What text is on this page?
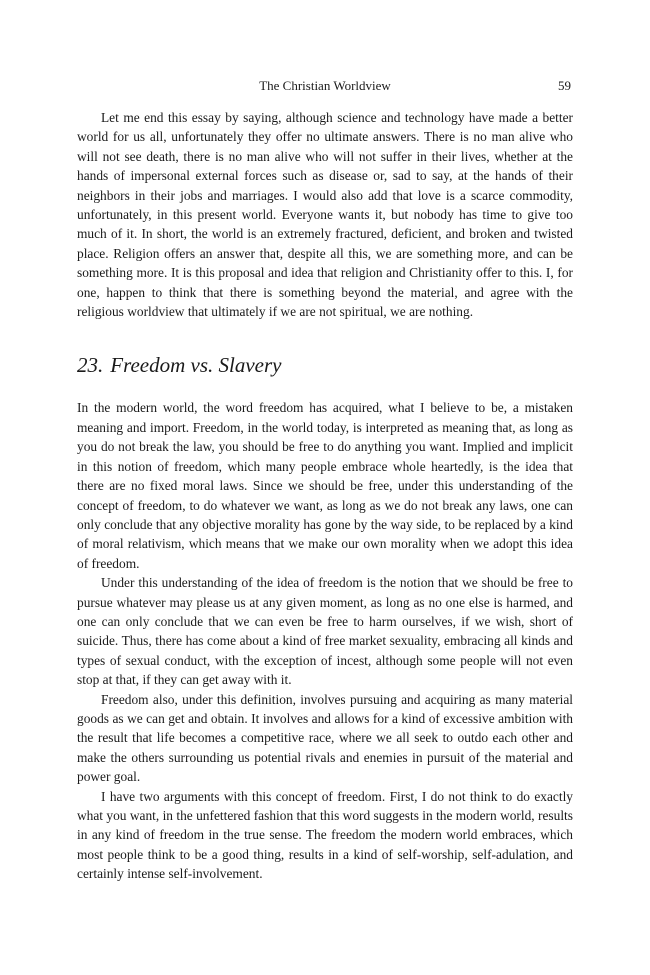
The Christian Worldview	59

Let me end this essay by saying, although science and technology have made a better world for us all, unfortunately they offer no ultimate answers. There is no man alive who will not see death, there is no man alive who will not suffer in their lives, whether at the hands of impersonal external forces such as disease or, sad to say, at the hands of their neighbors in their jobs and marriages. I would also add that love is a scarce commodity, unfortunately, in this present world. Everyone wants it, but nobody has time to give too much of it. In short, the world is an extremely fractured, deficient, and broken and twisted place. Religion offers an answer that, despite all this, we are something more, and can be something more. It is this proposal and idea that religion and Christianity offer to this. I, for one, happen to think that there is something beyond the material, and agree with the religious worldview that ultimately if we are not spiritual, we are nothing.

23. Freedom vs. Slavery

In the modern world, the word freedom has acquired, what I believe to be, a mistaken meaning and import. Freedom, in the world today, is interpreted as meaning that, as long as you do not break the law, you should be free to do anything you want. Implied and implicit in this notion of freedom, which many people embrace whole heartedly, is the idea that there are no fixed moral laws. Since we should be free, under this understanding of the concept of freedom, to do whatever we want, as long as we do not break any laws, one can only conclude that any objective morality has gone by the way side, to be replaced by a kind of moral relativism, which means that we make our own morality when we adopt this idea of freedom.

Under this understanding of the idea of freedom is the notion that we should be free to pursue whatever may please us at any given moment, as long as no one else is harmed, and one can only conclude that we can even be free to harm ourselves, if we wish, short of suicide. Thus, there has come about a kind of free market sexuality, embracing all kinds and types of sexual conduct, with the exception of incest, although some people will not even stop at that, if they can get away with it.

Freedom also, under this definition, involves pursuing and acquiring as many material goods as we can get and obtain. It involves and allows for a kind of excessive ambition with the result that life becomes a competitive race, where we all seek to outdo each other and make the others surrounding us potential rivals and enemies in pursuit of the material and power goal.

I have two arguments with this concept of freedom. First, I do not think to do exactly what you want, in the unfettered fashion that this word suggests in the modern world, results in any kind of freedom in the true sense. The freedom the modern world embraces, which most people think to be a good thing, results in a kind of self-worship, self-adulation, and certainly intense self-involvement.
